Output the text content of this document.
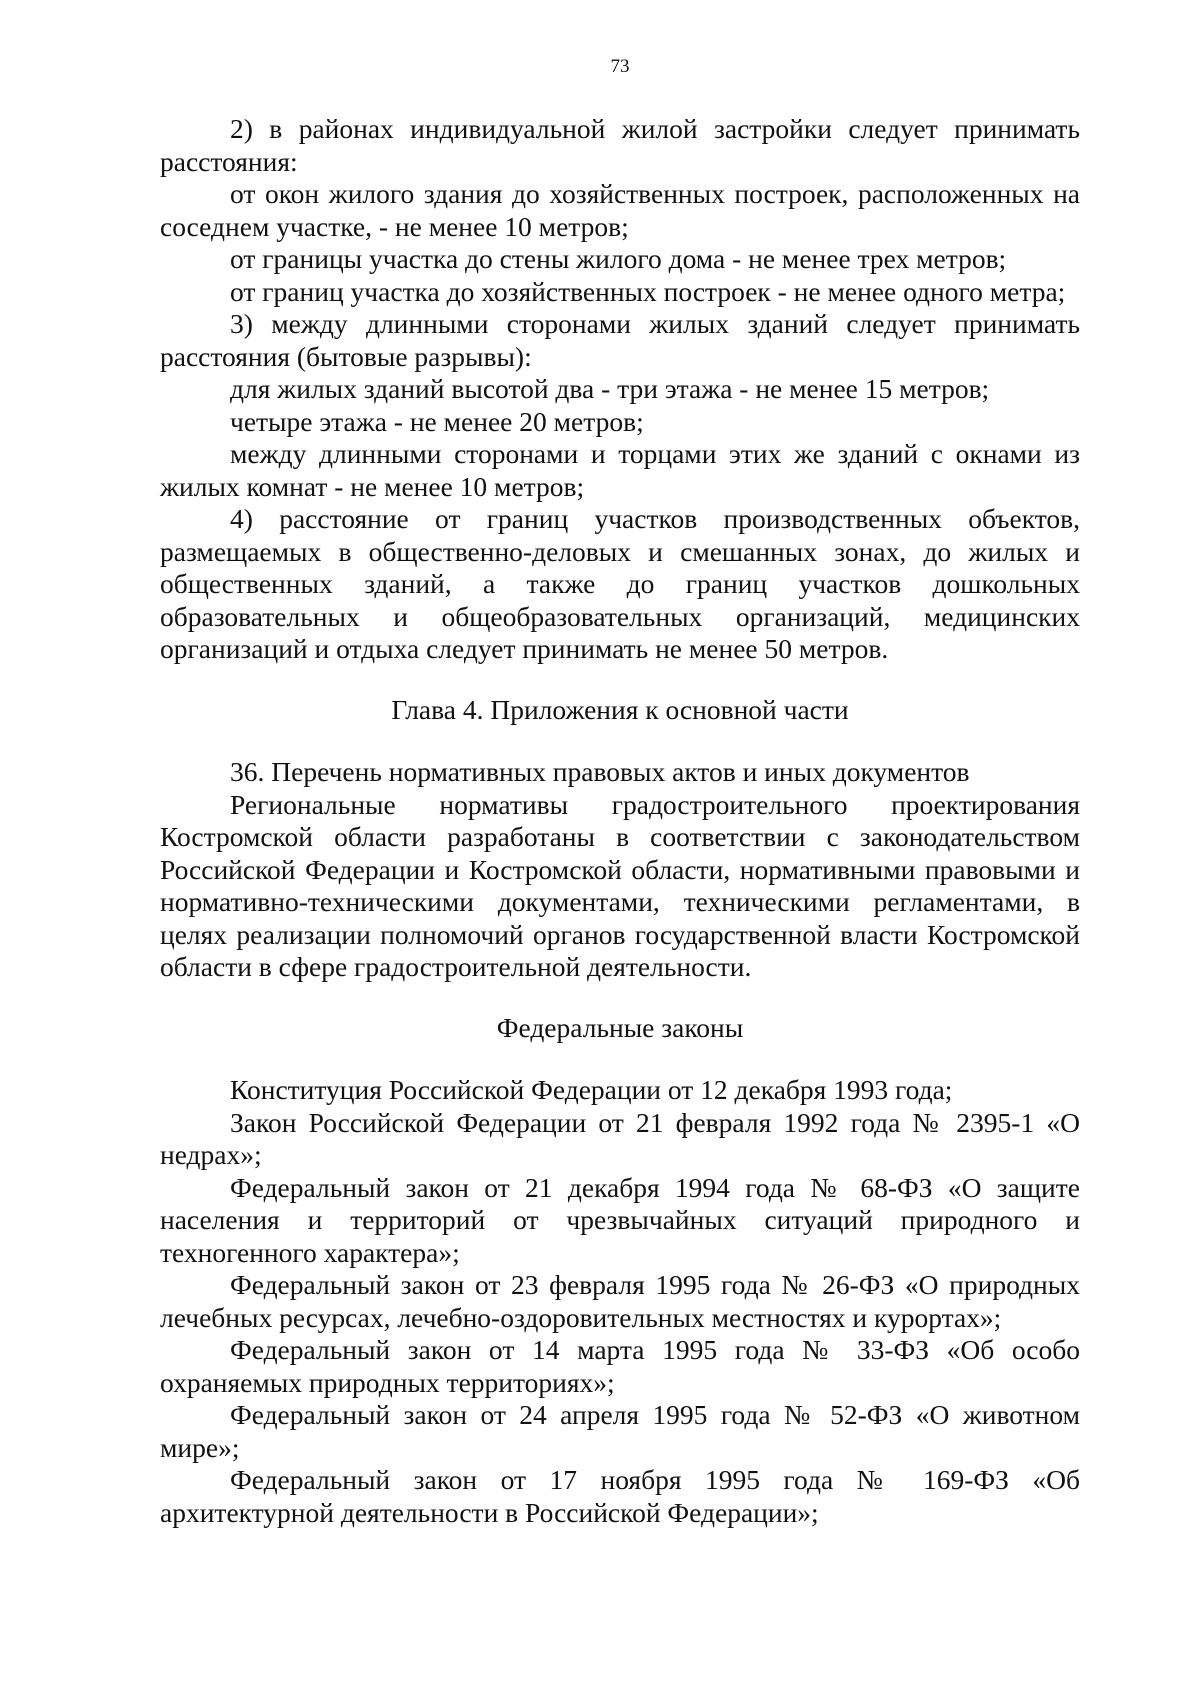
73

2) в районах индивидуальной жилой застройки следует принимать расстояния:

от окон жилого здания до хозяйственных построек, расположенных на соседнем участке, - не менее 10 метров;

от границы участка до стены жилого дома - не менее трех метров;

от границ участка до хозяйственных построек - не менее одного метра;

3) между длинными сторонами жилых зданий следует принимать расстояния (бытовые разрывы):

для жилых зданий высотой два - три этажа - не менее 15 метров;

четыре этажа - не менее 20 метров;

между длинными сторонами и торцами этих же зданий с окнами из жилых комнат - не менее 10 метров;

4) расстояние от границ участков производственных объектов, размещаемых в общественно-деловых и смешанных зонах, до жилых и общественных зданий, а также до границ участков дошкольных образовательных и общеобразовательных организаций, медицинских организаций и отдыха следует принимать не менее 50 метров.

Глава 4. Приложения к основной части

36. Перечень нормативных правовых актов и иных документов

Региональные нормативы градостроительного проектирования Костромской области разработаны в соответствии с законодательством Российской Федерации и Костромской области, нормативными правовыми и нормативно-техническими документами, техническими регламентами, в целях реализации полномочий органов государственной власти Костромской области в сфере градостроительной деятельности.

Федеральные законы

Конституция Российской Федерации от 12 декабря 1993 года;

Закон Российской Федерации от 21 февраля 1992 года № 2395-1 «О недрах»;

Федеральный закон от 21 декабря 1994 года № 68-ФЗ «О защите населения и территорий от чрезвычайных ситуаций природного и техногенного характера»;

Федеральный закон от 23 февраля 1995 года № 26-ФЗ «О природных лечебных ресурсах, лечебно-оздоровительных местностях и курортах»;

Федеральный закон от 14 марта 1995 года № 33-ФЗ «Об особо охраняемых природных территориях»;

Федеральный закон от 24 апреля 1995 года № 52-ФЗ «О животном мире»;

Федеральный закон от 17 ноября 1995 года № 169-ФЗ «Об архитектурной деятельности в Российской Федерации»;
